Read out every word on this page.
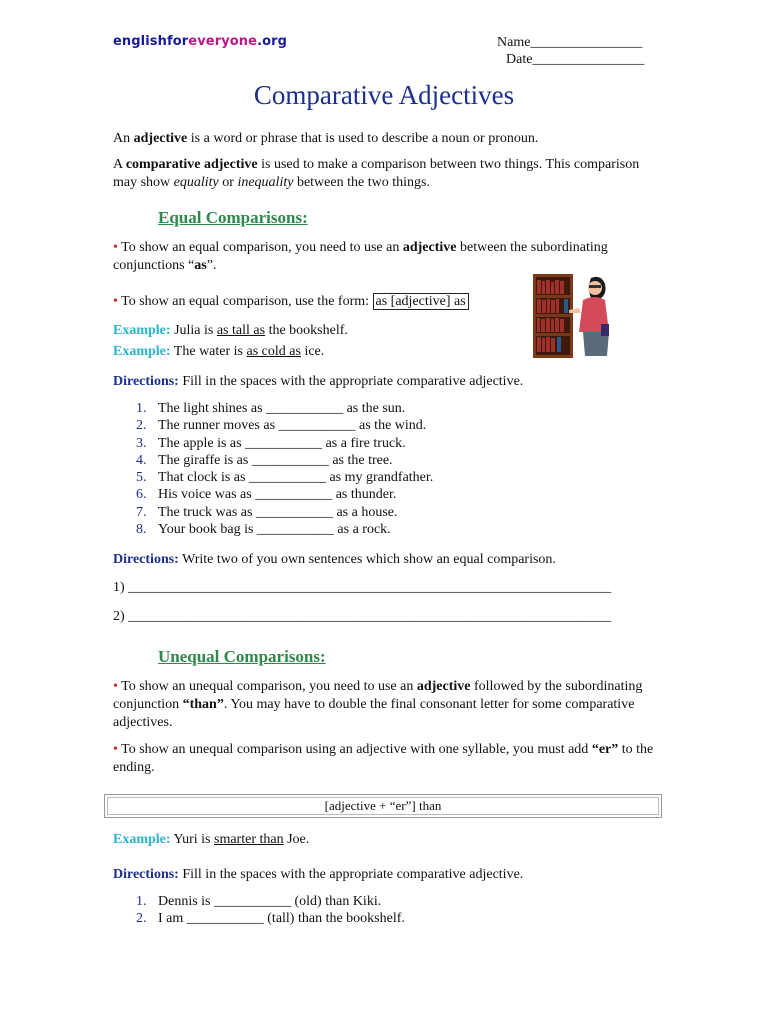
englishforeveryone.org	Name________________
Date________________
Comparative Adjectives
An adjective is a word or phrase that is used to describe a noun or pronoun.
A comparative adjective is used to make a comparison between two things. This comparison may show equality or inequality between the two things.
Equal Comparisons:
• To show an equal comparison, you need to use an adjective between the subordinating conjunctions “as”.
• To show an equal comparison, use the form: as [adjective] as
Example: Julia is as tall as the bookshelf.
Example: The water is as cold as ice.
Directions: Fill in the spaces with the appropriate comparative adjective.
1. The light shines as ___________ as the sun.
2. The runner moves as ___________ as the wind.
3. The apple is as ___________ as a fire truck.
4. The giraffe is as ___________ as the tree.
5. That clock is as ___________ as my grandfather.
6. His voice was as ___________ as thunder.
7. The truck was as ___________ as a house.
8. Your book bag is ___________ as a rock.
Directions: Write two of you own sentences which show an equal comparison.
1) _____________________________________________________________________
2) _____________________________________________________________________
Unequal Comparisons:
• To show an unequal comparison, you need to use an adjective followed by the subordinating conjunction “than”. You may have to double the final consonant letter for some comparative adjectives.
• To show an unequal comparison using an adjective with one syllable, you must add “er” to the ending.
[adjective + “er”] than
Example: Yuri is smarter than Joe.
Directions: Fill in the spaces with the appropriate comparative adjective.
1. Dennis is ___________ (old) than Kiki.
2. I am ___________ (tall) than the bookshelf.
